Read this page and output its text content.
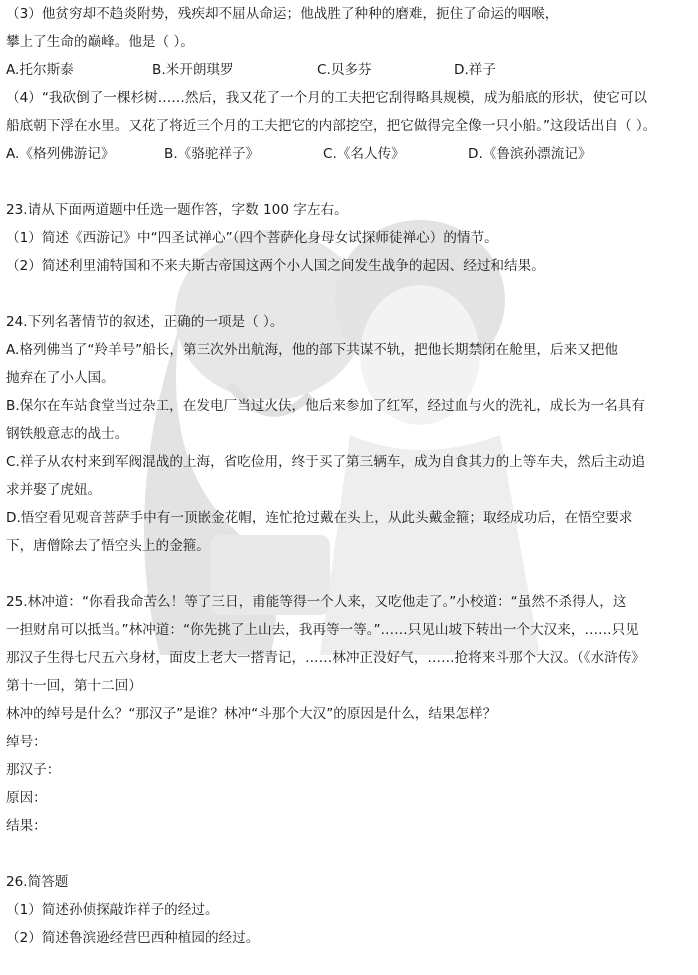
（3）他贫穷却不趋炎附势，残疾却不屈从命运；他战胜了种种的磨难，扼住了命运的咽喉，
攀上了生命的巅峰。他是（ ）。
A.托尔斯泰	B.米开朗琪罗	C.贝多芬	D.祥子
（4）“我砍倒了一棵杉树……然后，我又花了一个月的工夫把它刮得略具规模，成为船底的形状，使它可以
船底朝下浮在水里。又花了将近三个月的工夫把它的内部挖空，把它做得完全像一只小船。”这段话出自（ ）。
A.《格列佛游记》	B.《骆驼祥子》	C.《名人传》	D.《鲁滨孙漂流记》
23.请从下面两道题中任选一题作答，字数 100 字左右。
（1）简述《西游记》中“四圣试禅心”（四个菩萨化身母女试探师徒禅心）的情节。
（2）简述利里浦特国和不来夫斯古帝国这两个小人国之间发生战争的起因、经过和结果。
24.下列名著情节的叙述，正确的一项是（ ）。
A.格列佛当了“羚羊号”船长，第三次外出航海，他的部下共谋不轨，把他长期禁闭在舱里，后来又把他
抛弃在了小人国。
B.保尔在车站食堂当过杂工，在发电厂当过火伕，他后来参加了红军，经过血与火的洗礼，成长为一名具有
钢铁般意志的战士。
C.祥子从农村来到军阀混战的上海，省吃俭用，终于买了第三辆车，成为自食其力的上等车夫，然后主动追
求并娶了虎妞。
D.悟空看见观音菩萨手中有一顶嵌金花帽，连忙抢过戴在头上，从此头戴金箍；取经成功后，在悟空要求
下，唐僧除去了悟空头上的金箍。
25.林冲道：“你看我命苦么！等了三日，甫能等得一个人来，又吃他走了。”小校道：“虽然不杀得人，这
一担财帛可以抵当。”林冲道：“你先挑了上山去，我再等一等。”……只见山坡下转出一个大汉来，……只见
那汉子生得七尺五六身材，面皮上老大一搭青记，……林冲正没好气，……抢将来斗那个大汉。（《水浒传》
第十一回，第十二回）
林冲的绰号是什么？“那汉子”是谁？林冲“斗那个大汉”的原因是什么，结果怎样？
绰号：
那汉子：
原因：
结果：
26.简答题
（1）简述孙侦探敲诈祥子的经过。
（2）简述鲁滨逊经营巴西种植园的经过。
